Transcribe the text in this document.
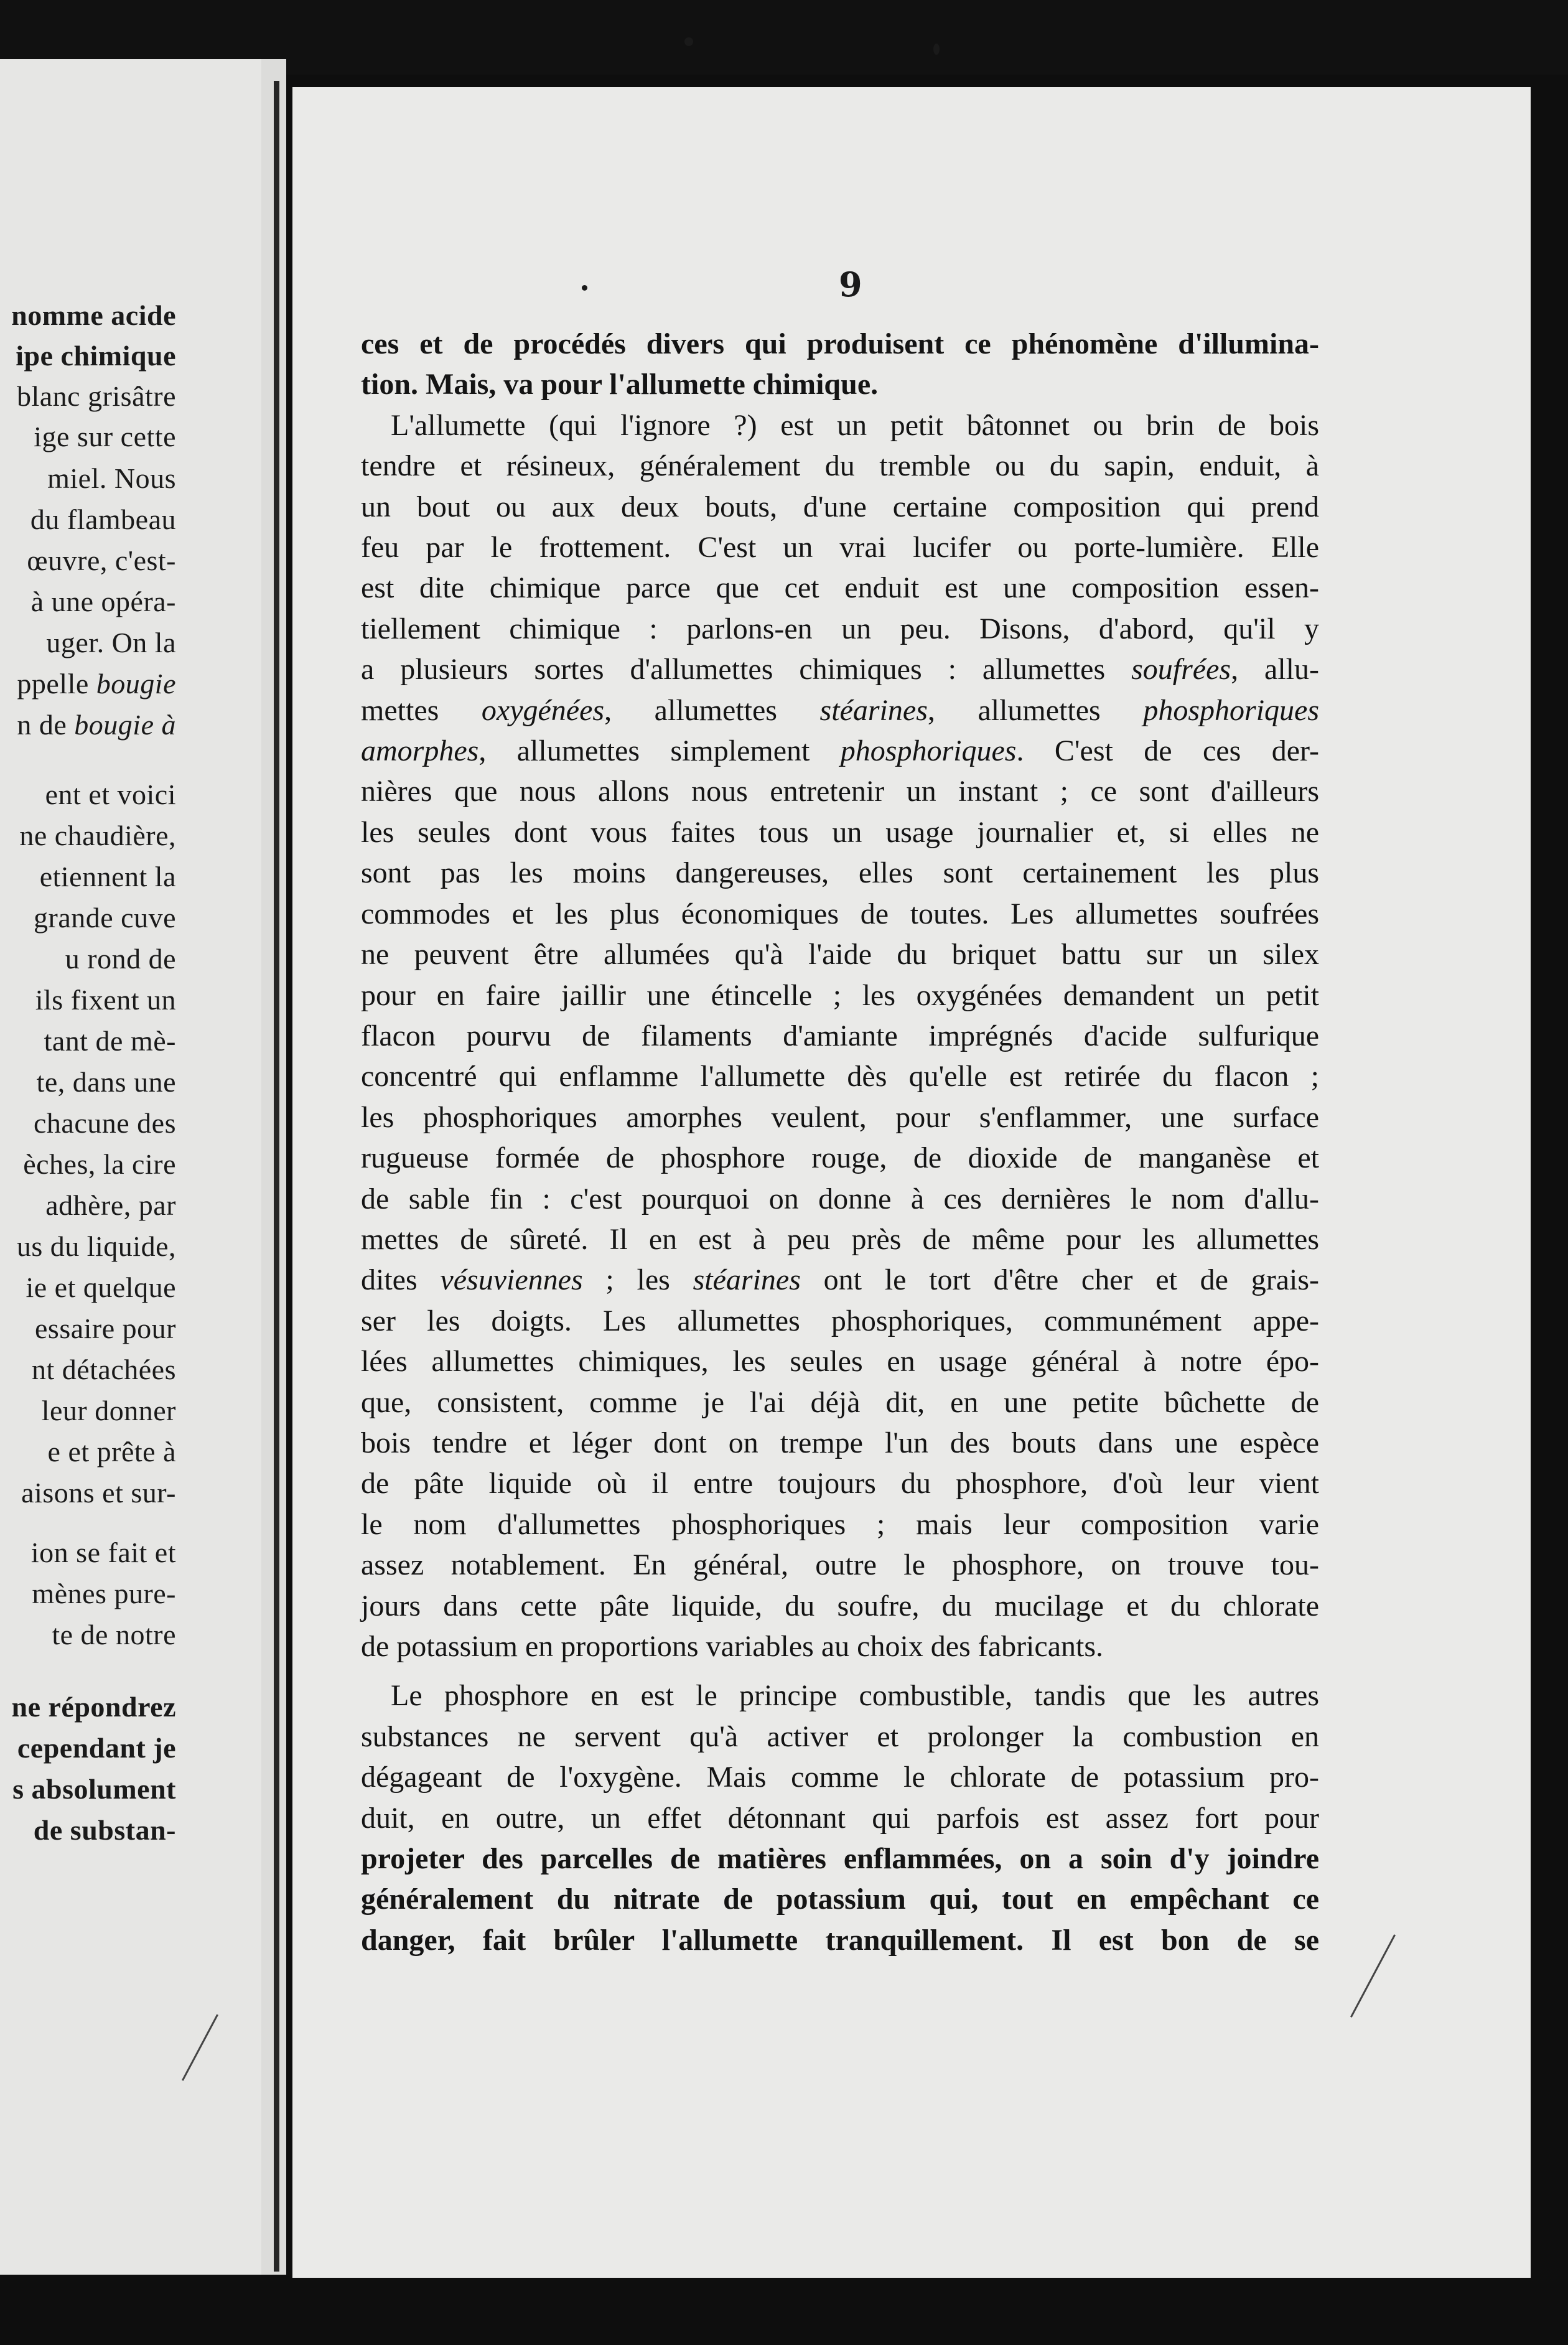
nomme acide
ipe chimique
blanc grisâtre
ige sur cette
miel. Nous
du flambeau
œuvre, c'est-
à une opéra-
uger. On la
ppelle bougie
n de bougie à
ent et voici
ne chaudière,
etiennent la
grande cuve
u rond de
ils fixent un
tant de mè-
te, dans une
chacune des
èches, la cire
adhère, par
us du liquide,
ie et quelque
essaire pour
nt détachées
leur donner
e et prête à
aisons et sur-
ion se fait et
mènes pure-
te de notre
ne répondrez
cependant je
s absolument
de substan-
9
ces et de procédés divers qui produisent ce phénomène d'illumina-
tion. Mais, va pour l'allumette chimique.
L'allumette (qui l'ignore ?) est un petit bâtonnet ou brin de bois
tendre et résineux, généralement du tremble ou du sapin, enduit, à
un bout ou aux deux bouts, d'une certaine composition qui prend
feu par le frottement. C'est un vrai lucifer ou porte-lumière. Elle
est dite chimique parce que cet enduit est une composition essen-
tiellement chimique : parlons-en un peu. Disons, d'abord, qu'il y
a plusieurs sortes d'allumettes chimiques : allumettes soufrées, allu-
mettes oxygénées, allumettes stéarines, allumettes phosphoriques
amorphes, allumettes simplement phosphoriques. C'est de ces der-
nières que nous allons nous entretenir un instant ; ce sont d'ailleurs
les seules dont vous faites tous un usage journalier et, si elles ne
sont pas les moins dangereuses, elles sont certainement les plus
commodes et les plus économiques de toutes. Les allumettes soufrées
ne peuvent être allumées qu'à l'aide du briquet battu sur un silex
pour en faire jaillir une étincelle ; les oxygénées demandent un petit
flacon pourvu de filaments d'amiante imprégnés d'acide sulfurique
concentré qui enflamme l'allumette dès qu'elle est retirée du flacon ;
les phosphoriques amorphes veulent, pour s'enflammer, une surface
rugueuse formée de phosphore rouge, de dioxide de manganèse et
de sable fin : c'est pourquoi on donne à ces dernières le nom d'allu-
mettes de sûreté. Il en est à peu près de même pour les allumettes
dites vésuviennes ; les stéarines ont le tort d'être cher et de grais-
ser les doigts. Les allumettes phosphoriques, communément appe-
lées allumettes chimiques, les seules en usage général à notre épo-
que, consistent, comme je l'ai déjà dit, en une petite bûchette de
bois tendre et léger dont on trempe l'un des bouts dans une espèce
de pâte liquide où il entre toujours du phosphore, d'où leur vient
le nom d'allumettes phosphoriques ; mais leur composition varie
assez notablement. En général, outre le phosphore, on trouve tou-
jours dans cette pâte liquide, du soufre, du mucilage et du chlorate
de potassium en proportions variables au choix des fabricants.
Le phosphore en est le principe combustible, tandis que les autres
substances ne servent qu'à activer et prolonger la combustion en
dégageant de l'oxygène. Mais comme le chlorate de potassium pro-
duit, en outre, un effet détonnant qui parfois est assez fort pour
projeter des parcelles de matières enflammées, on a soin d'y joindre
généralement du nitrate de potassium qui, tout en empêchant ce
danger, fait brûler l'allumette tranquillement. Il est bon de se
